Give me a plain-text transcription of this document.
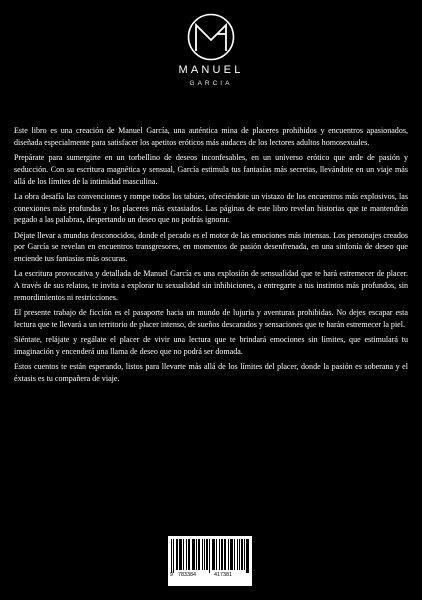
MANUEL
GARCIA

Este libro es una creación de Manuel García, una auténtica mina de placeres prohibidos y encuentros apasionados, diseñada especialmente para satisfacer los apetitos eróticos más audaces de los lectores adultos homosexuales.

Prepárate para sumergirte en un torbellino de deseos inconfesables, en un universo erótico que arde de pasión y seducción. Con su escritura magnética y sensual, García estimula tus fantasías más secretas, llevándote en un viaje más allá de los límites de la intimidad masculina.

La obra desafía las convenciones y rompe todos los tabúes, ofreciéndote un vistazo de los encuentros más explosivos, las conexiones más profundas y los placeres más extasiados. Las páginas de este libro revelan historias que te mantendrán pegado a las palabras, despertando un deseo que no podrás ignorar.

Déjate llevar a mundos desconocidos, donde el pecado es el motor de las emociones más intensas. Los personajes creados por García se revelan en encuentros transgresores, en momentos de pasión desenfrenada, en una sinfonía de deseo que enciende tus fantasías más oscuras.

La escritura provocativa y detallada de Manuel García es una explosión de sensualidad que te hará estremecer de placer. A través de sus relatos, te invita a explorar tu sexualidad sin inhibiciones, a entregarte a tus instintos más profundos, sin remordimientos ni restricciones.

El presente trabajo de ficción es el pasaporte hacia un mundo de lujuria y aventuras prohibidas. No dejes escapar esta lectura que te llevará a un territorio de placer intenso, de sueños descarados y sensaciones que te harán estremecer la piel.

Siéntate, relájate y regálate el placer de vivir una lectura que te brindará emociones sin límites, que estimulará tu imaginación y encenderá una llama de deseo que no podrá ser domada.

Estos cuentos te están esperando, listos para llevarte más allá de los límites del placer, donde la pasión es soberana y el éxtasis es tu compañera de viaje.

9 783384	417381
